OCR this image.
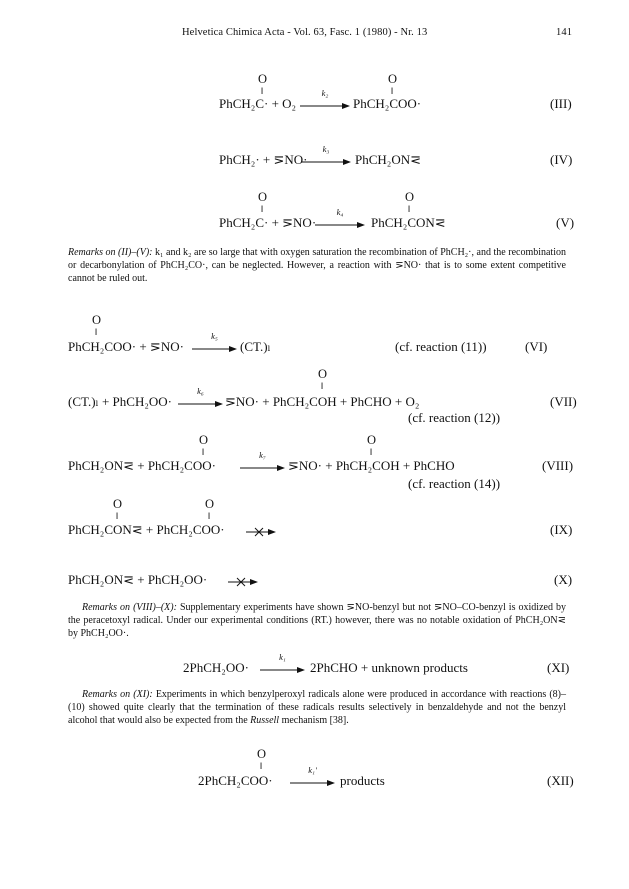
Helvetica Chimica Acta - Vol. 63, Fasc. 1 (1980) - Nr. 13	141
O
‖
O
‖
PhCH₂C· + O₂
k₂
PhCH₂COO·	(III)
PhCH₂· + ⋝NO·
k₃
PhCH₂ON⋜	(IV)
O
‖
O
‖
PhCH₂C· + ⋝NO·
k₄
PhCH₂CON⋜	(V)
Remarks on (II)–(V): k₁ and k₂ are so large that with oxygen saturation the recombination of PhCH₂·, and the recombination or decarbonylation of PhCH₂CO·, can be neglected. However, a reaction with ⋝NO· that is to some extent competitive cannot be ruled out.
O
‖
PhCH₂COO· + ⋝NO·
k₅
(CT.)ₗ	(cf. reaction (11))	(VI)
O
‖
(CT.)ₗ + PhCH₂OO·
k₆
⋝NO· + PhCH₂COH + PhCHO + O₂	(VII)
(cf. reaction (12))
O
‖
O
‖
PhCH₂ON⋜ + PhCH₂COO·
k₇
⋝NO· + PhCH₂COH + PhCHO	(VIII)
(cf. reaction (14))
O
‖
O
‖
PhCH₂CON⋜ + PhCH₂COO·	(IX)
PhCH₂ON⋜ + PhCH₂OO·	(X)
Remarks on (VIII)–(X): Supplementary experiments have shown ⋝NO-benzyl but not ⋝NO–CO-benzyl is oxidized by the peracetoxyl radical. Under our experimental conditions (RT.) however, there was no notable oxidation of PhCH₂ON⋜ by PhCH₂OO·.
2PhCH₂OO·
k₁
2PhCHO + unknown products	(XI)
Remarks on (XI): Experiments in which benzylperoxyl radicals alone were produced in accordance with reactions (8)–(10) showed quite clearly that the termination of these radicals results selectively in benzaldehyde and not the benzyl alcohol that would also be expected from the Russell mechanism [38].
O
‖
2PhCH₂COO·
k₁'
products	(XII)
